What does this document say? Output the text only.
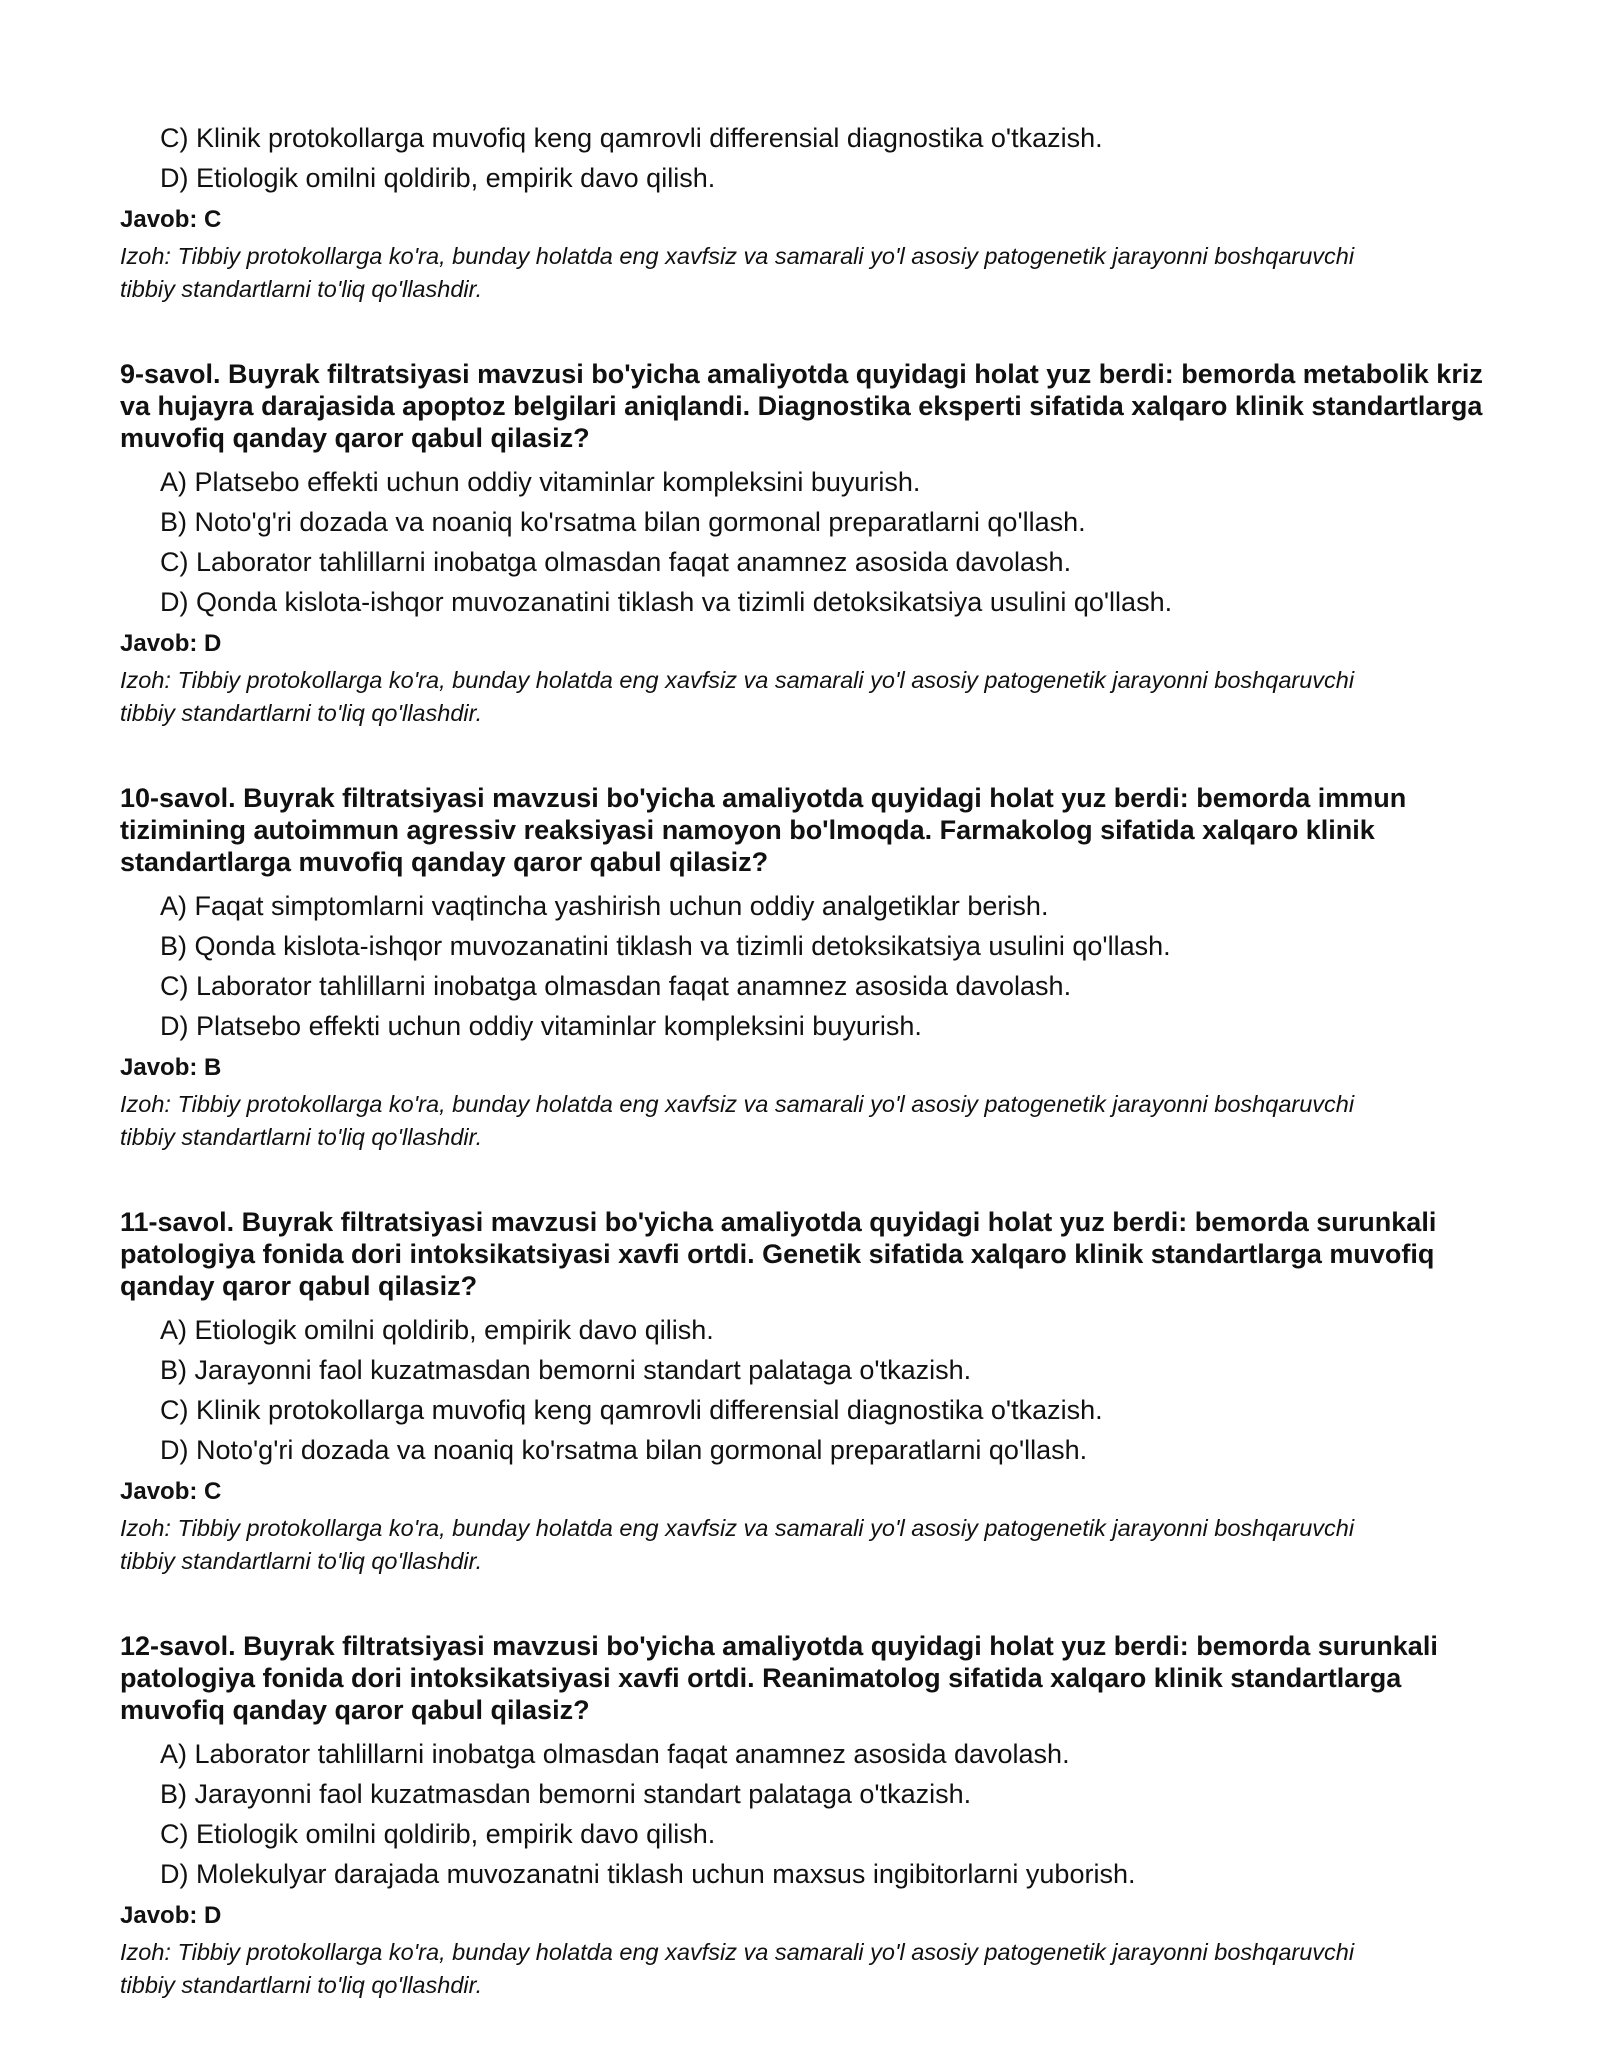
C) Klinik protokollarga muvofiq keng qamrovli differensial diagnostika o'tkazish.
D) Etiologik omilni qoldirib, empirik davo qilish.
Javob: C
Izoh: Tibbiy protokollarga ko'ra, bunday holatda eng xavfsiz va samarali yo'l asosiy patogenetik jarayonni boshqaruvchi tibbiy standartlarni to'liq qo'llashdir.
9-savol. Buyrak filtratsiyasi mavzusi bo'yicha amaliyotda quyidagi holat yuz berdi: bemorda metabolik kriz va hujayra darajasida apoptoz belgilari aniqlandi. Diagnostika eksperti sifatida xalqaro klinik standartlarga muvofiq qanday qaror qabul qilasiz?
A) Platsebo effekti uchun oddiy vitaminlar kompleksini buyurish.
B) Noto'g'ri dozada va noaniq ko'rsatma bilan gormonal preparatlarni qo'llash.
C) Laborator tahlillarni inobatga olmasdan faqat anamnez asosida davolash.
D) Qonda kislota-ishqor muvozanatini tiklash va tizimli detoksikatsiya usulini qo'llash.
Javob: D
Izoh: Tibbiy protokollarga ko'ra, bunday holatda eng xavfsiz va samarali yo'l asosiy patogenetik jarayonni boshqaruvchi tibbiy standartlarni to'liq qo'llashdir.
10-savol. Buyrak filtratsiyasi mavzusi bo'yicha amaliyotda quyidagi holat yuz berdi: bemorda immun tizimining autoimmun agressiv reaksiyasi namoyon bo'lmoqda. Farmakolog sifatida xalqaro klinik standartlarga muvofiq qanday qaror qabul qilasiz?
A) Faqat simptomlarni vaqtincha yashirish uchun oddiy analgetiklar berish.
B) Qonda kislota-ishqor muvozanatini tiklash va tizimli detoksikatsiya usulini qo'llash.
C) Laborator tahlillarni inobatga olmasdan faqat anamnez asosida davolash.
D) Platsebo effekti uchun oddiy vitaminlar kompleksini buyurish.
Javob: B
Izoh: Tibbiy protokollarga ko'ra, bunday holatda eng xavfsiz va samarali yo'l asosiy patogenetik jarayonni boshqaruvchi tibbiy standartlarni to'liq qo'llashdir.
11-savol. Buyrak filtratsiyasi mavzusi bo'yicha amaliyotda quyidagi holat yuz berdi: bemorda surunkali patologiya fonida dori intoksikatsiyasi xavfi ortdi. Genetik sifatida xalqaro klinik standartlarga muvofiq qanday qaror qabul qilasiz?
A) Etiologik omilni qoldirib, empirik davo qilish.
B) Jarayonni faol kuzatmasdan bemorni standart palataga o'tkazish.
C) Klinik protokollarga muvofiq keng qamrovli differensial diagnostika o'tkazish.
D) Noto'g'ri dozada va noaniq ko'rsatma bilan gormonal preparatlarni qo'llash.
Javob: C
Izoh: Tibbiy protokollarga ko'ra, bunday holatda eng xavfsiz va samarali yo'l asosiy patogenetik jarayonni boshqaruvchi tibbiy standartlarni to'liq qo'llashdir.
12-savol. Buyrak filtratsiyasi mavzusi bo'yicha amaliyotda quyidagi holat yuz berdi: bemorda surunkali patologiya fonida dori intoksikatsiyasi xavfi ortdi. Reanimatolog sifatida xalqaro klinik standartlarga muvofiq qanday qaror qabul qilasiz?
A) Laborator tahlillarni inobatga olmasdan faqat anamnez asosida davolash.
B) Jarayonni faol kuzatmasdan bemorni standart palataga o'tkazish.
C) Etiologik omilni qoldirib, empirik davo qilish.
D) Molekulyar darajada muvozanatni tiklash uchun maxsus ingibitorlarni yuborish.
Javob: D
Izoh: Tibbiy protokollarga ko'ra, bunday holatda eng xavfsiz va samarali yo'l asosiy patogenetik jarayonni boshqaruvchi tibbiy standartlarni to'liq qo'llashdir.
